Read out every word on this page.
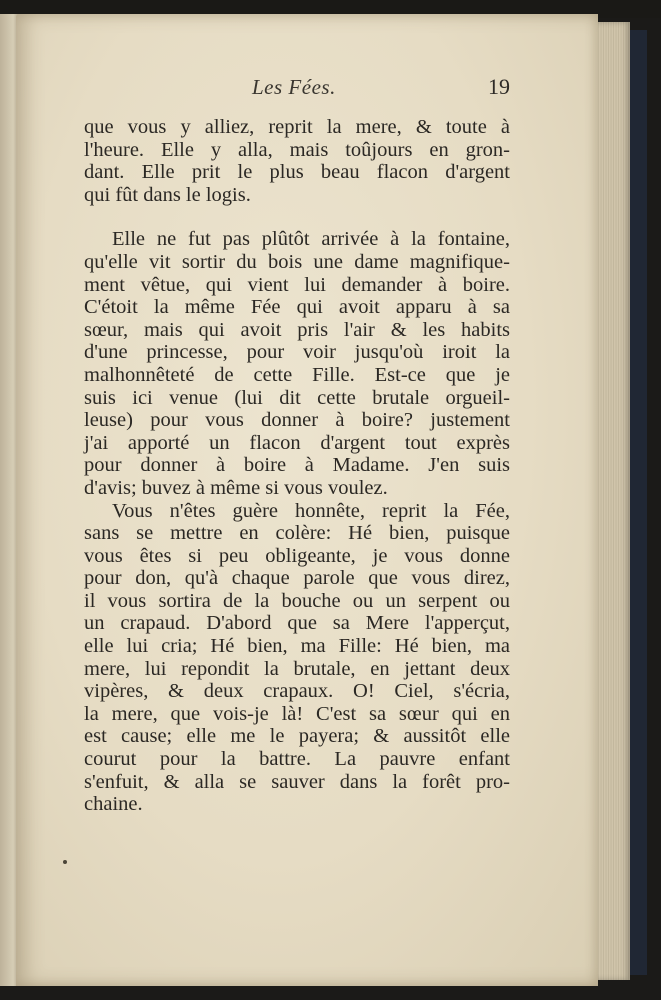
Les Fées.	19
que vous y alliez, reprit la mere, & toute à
l'heure. Elle y alla, mais toûjours en gron-
dant. Elle prit le plus beau flacon d'argent
qui fût dans le logis.
Elle ne fut pas plûtôt arrivée à la fontaine,
qu'elle vit sortir du bois une dame magnifique-
ment vêtue, qui vient lui demander à boire.
C'étoit la même Fée qui avoit apparu à sa
sœur, mais qui avoit pris l'air & les habits
d'une princesse, pour voir jusqu'où iroit la
malhonnêteté de cette Fille. Est-ce que je
suis ici venue (lui dit cette brutale orgueil-
leuse) pour vous donner à boire? justement
j'ai apporté un flacon d'argent tout exprès
pour donner à boire à Madame. J'en suis
d'avis; buvez à même si vous voulez.
Vous n'êtes guère honnête, reprit la Fée,
sans se mettre en colère: Hé bien, puisque
vous êtes si peu obligeante, je vous donne
pour don, qu'à chaque parole que vous direz,
il vous sortira de la bouche ou un serpent ou
un crapaud. D'abord que sa Mere l'apperçut,
elle lui cria; Hé bien, ma Fille: Hé bien, ma
mere, lui repondit la brutale, en jettant deux
vipères, & deux crapaux. O! Ciel, s'écria,
la mere, que vois-je là! C'est sa sœur qui en
est cause; elle me le payera; & aussitôt elle
courut pour la battre. La pauvre enfant
s'enfuit, & alla se sauver dans la forêt pro-
chaine.
